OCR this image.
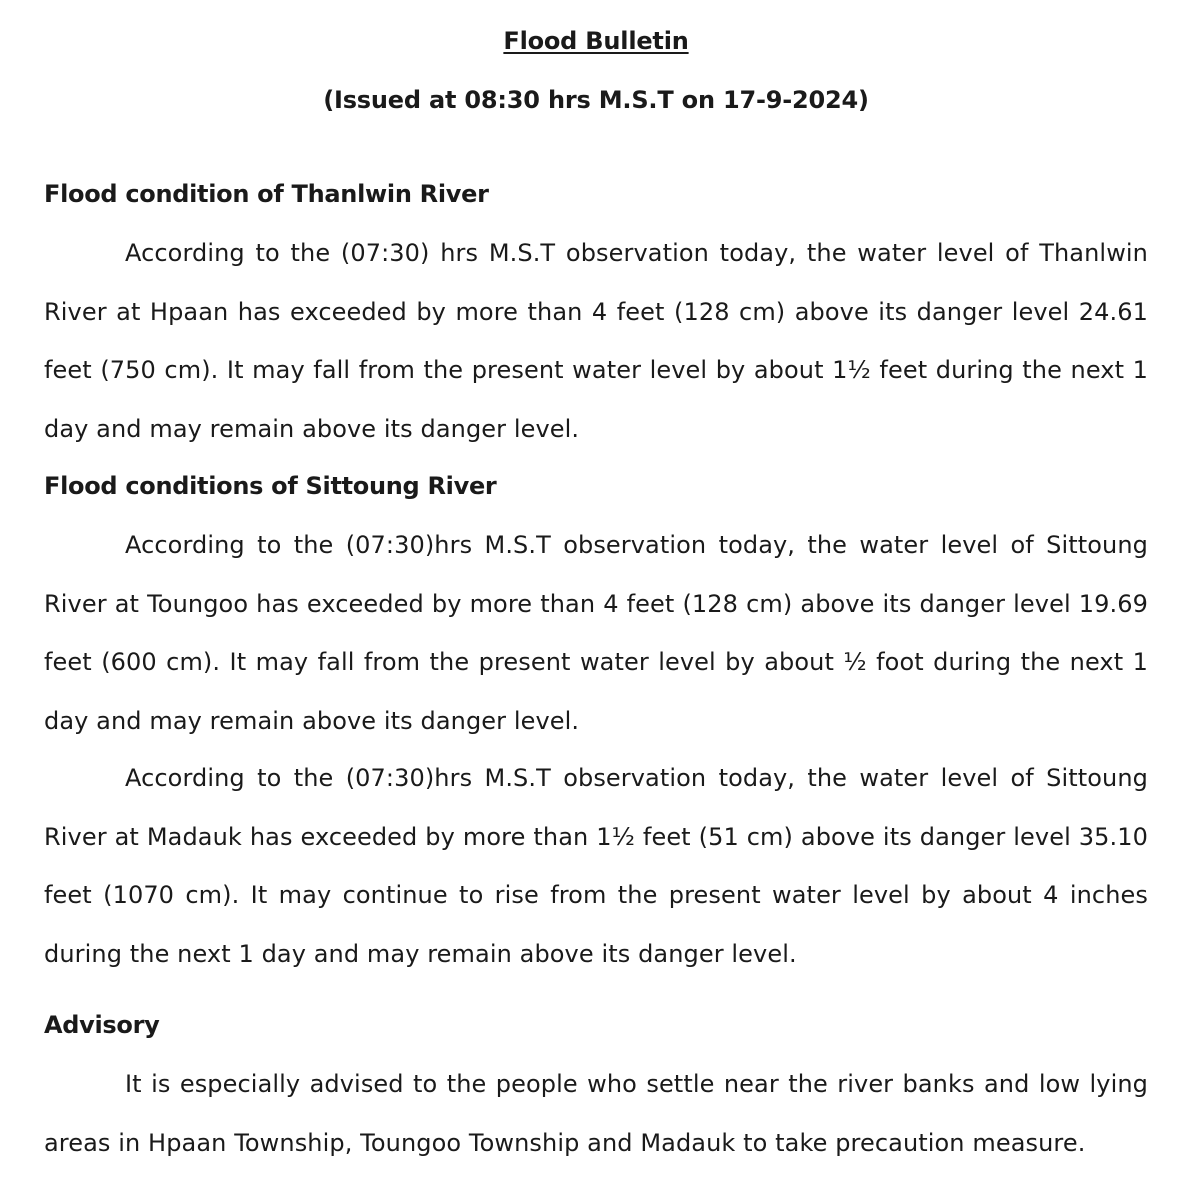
Flood Bulletin
(Issued at 08:30 hrs M.S.T on 17-9-2024)
Flood condition of Thanlwin River
According to the (07:30) hrs M.S.T observation today, the water level of Thanlwin River at Hpaan has exceeded by more than 4 feet (128 cm) above its danger level 24.61 feet (750 cm). It may fall from the present water level by about 1½ feet during the next 1 day and may remain above its danger level.
Flood conditions of Sittoung River
According to the (07:30)hrs M.S.T observation today, the water level of Sittoung River at Toungoo has exceeded by more than 4 feet (128 cm) above its danger level 19.69 feet (600 cm). It may fall from the present water level by about ½ foot during the next 1 day and may remain above its danger level.
According to the (07:30)hrs M.S.T observation today, the water level of Sittoung River at Madauk has exceeded by more than 1½ feet (51 cm) above its danger level 35.10 feet (1070 cm). It may continue to rise from the present water level by about 4 inches during the next 1 day and may remain above its danger level.
Advisory
It is especially advised to the people who settle near the river banks and low lying areas in Hpaan Township, Toungoo Township and Madauk to take precaution measure.
